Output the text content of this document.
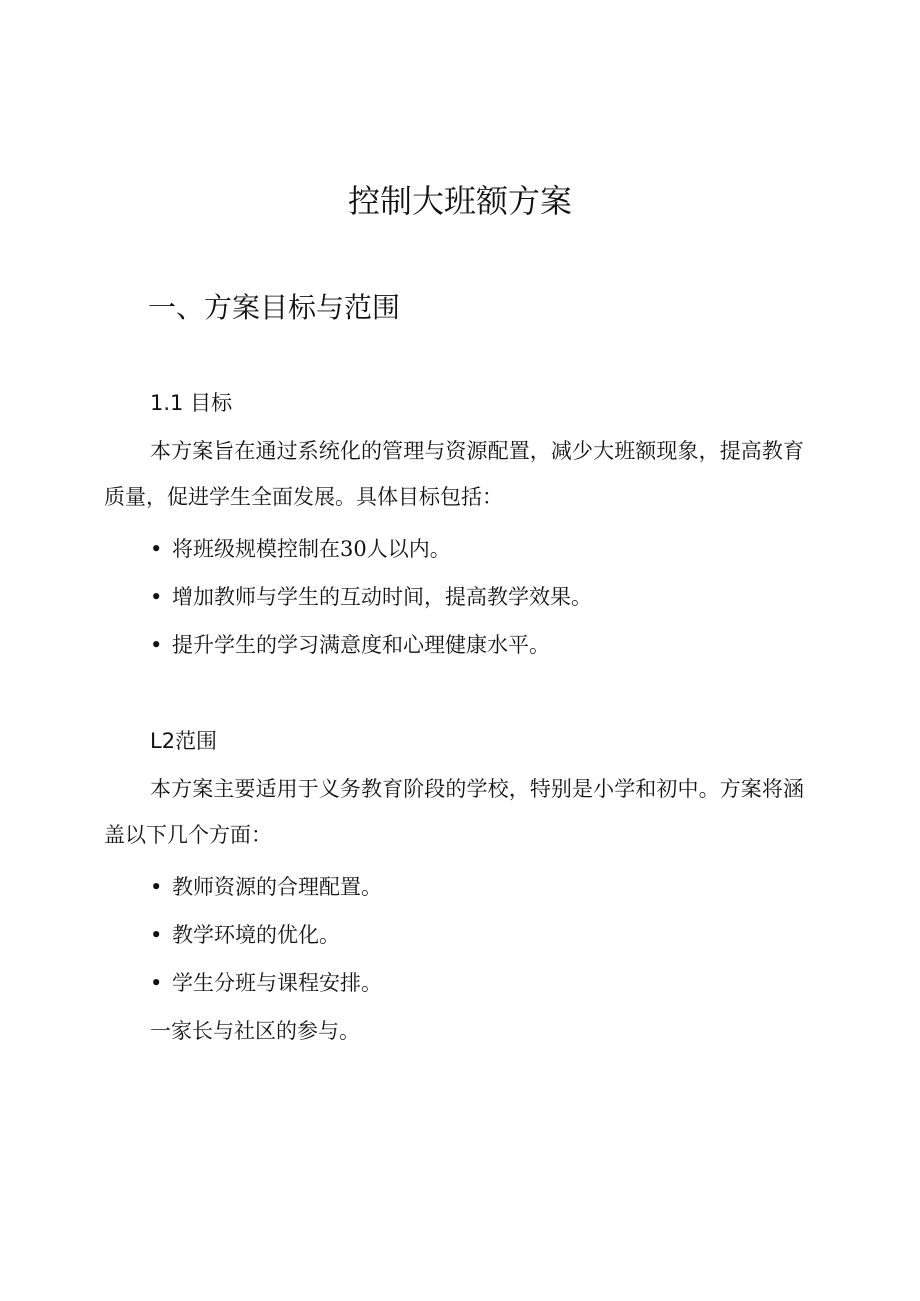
控制大班额方案
一、方案目标与范围
1.1 目标

本方案旨在通过系统化的管理与资源配置，减少大班额现象，提高教育质量，促进学生全面发展。具体目标包括：

• 将班级规模控制在30人以内。
• 增加教师与学生的互动时间，提高教学效果。
• 提升学生的学习满意度和心理健康水平。
L2范围

本方案主要适用于义务教育阶段的学校，特别是小学和初中。方案将涵盖以下几个方面：

• 教师资源的合理配置。
• 教学环境的优化。
• 学生分班与课程安排。
一家长与社区的参与。
